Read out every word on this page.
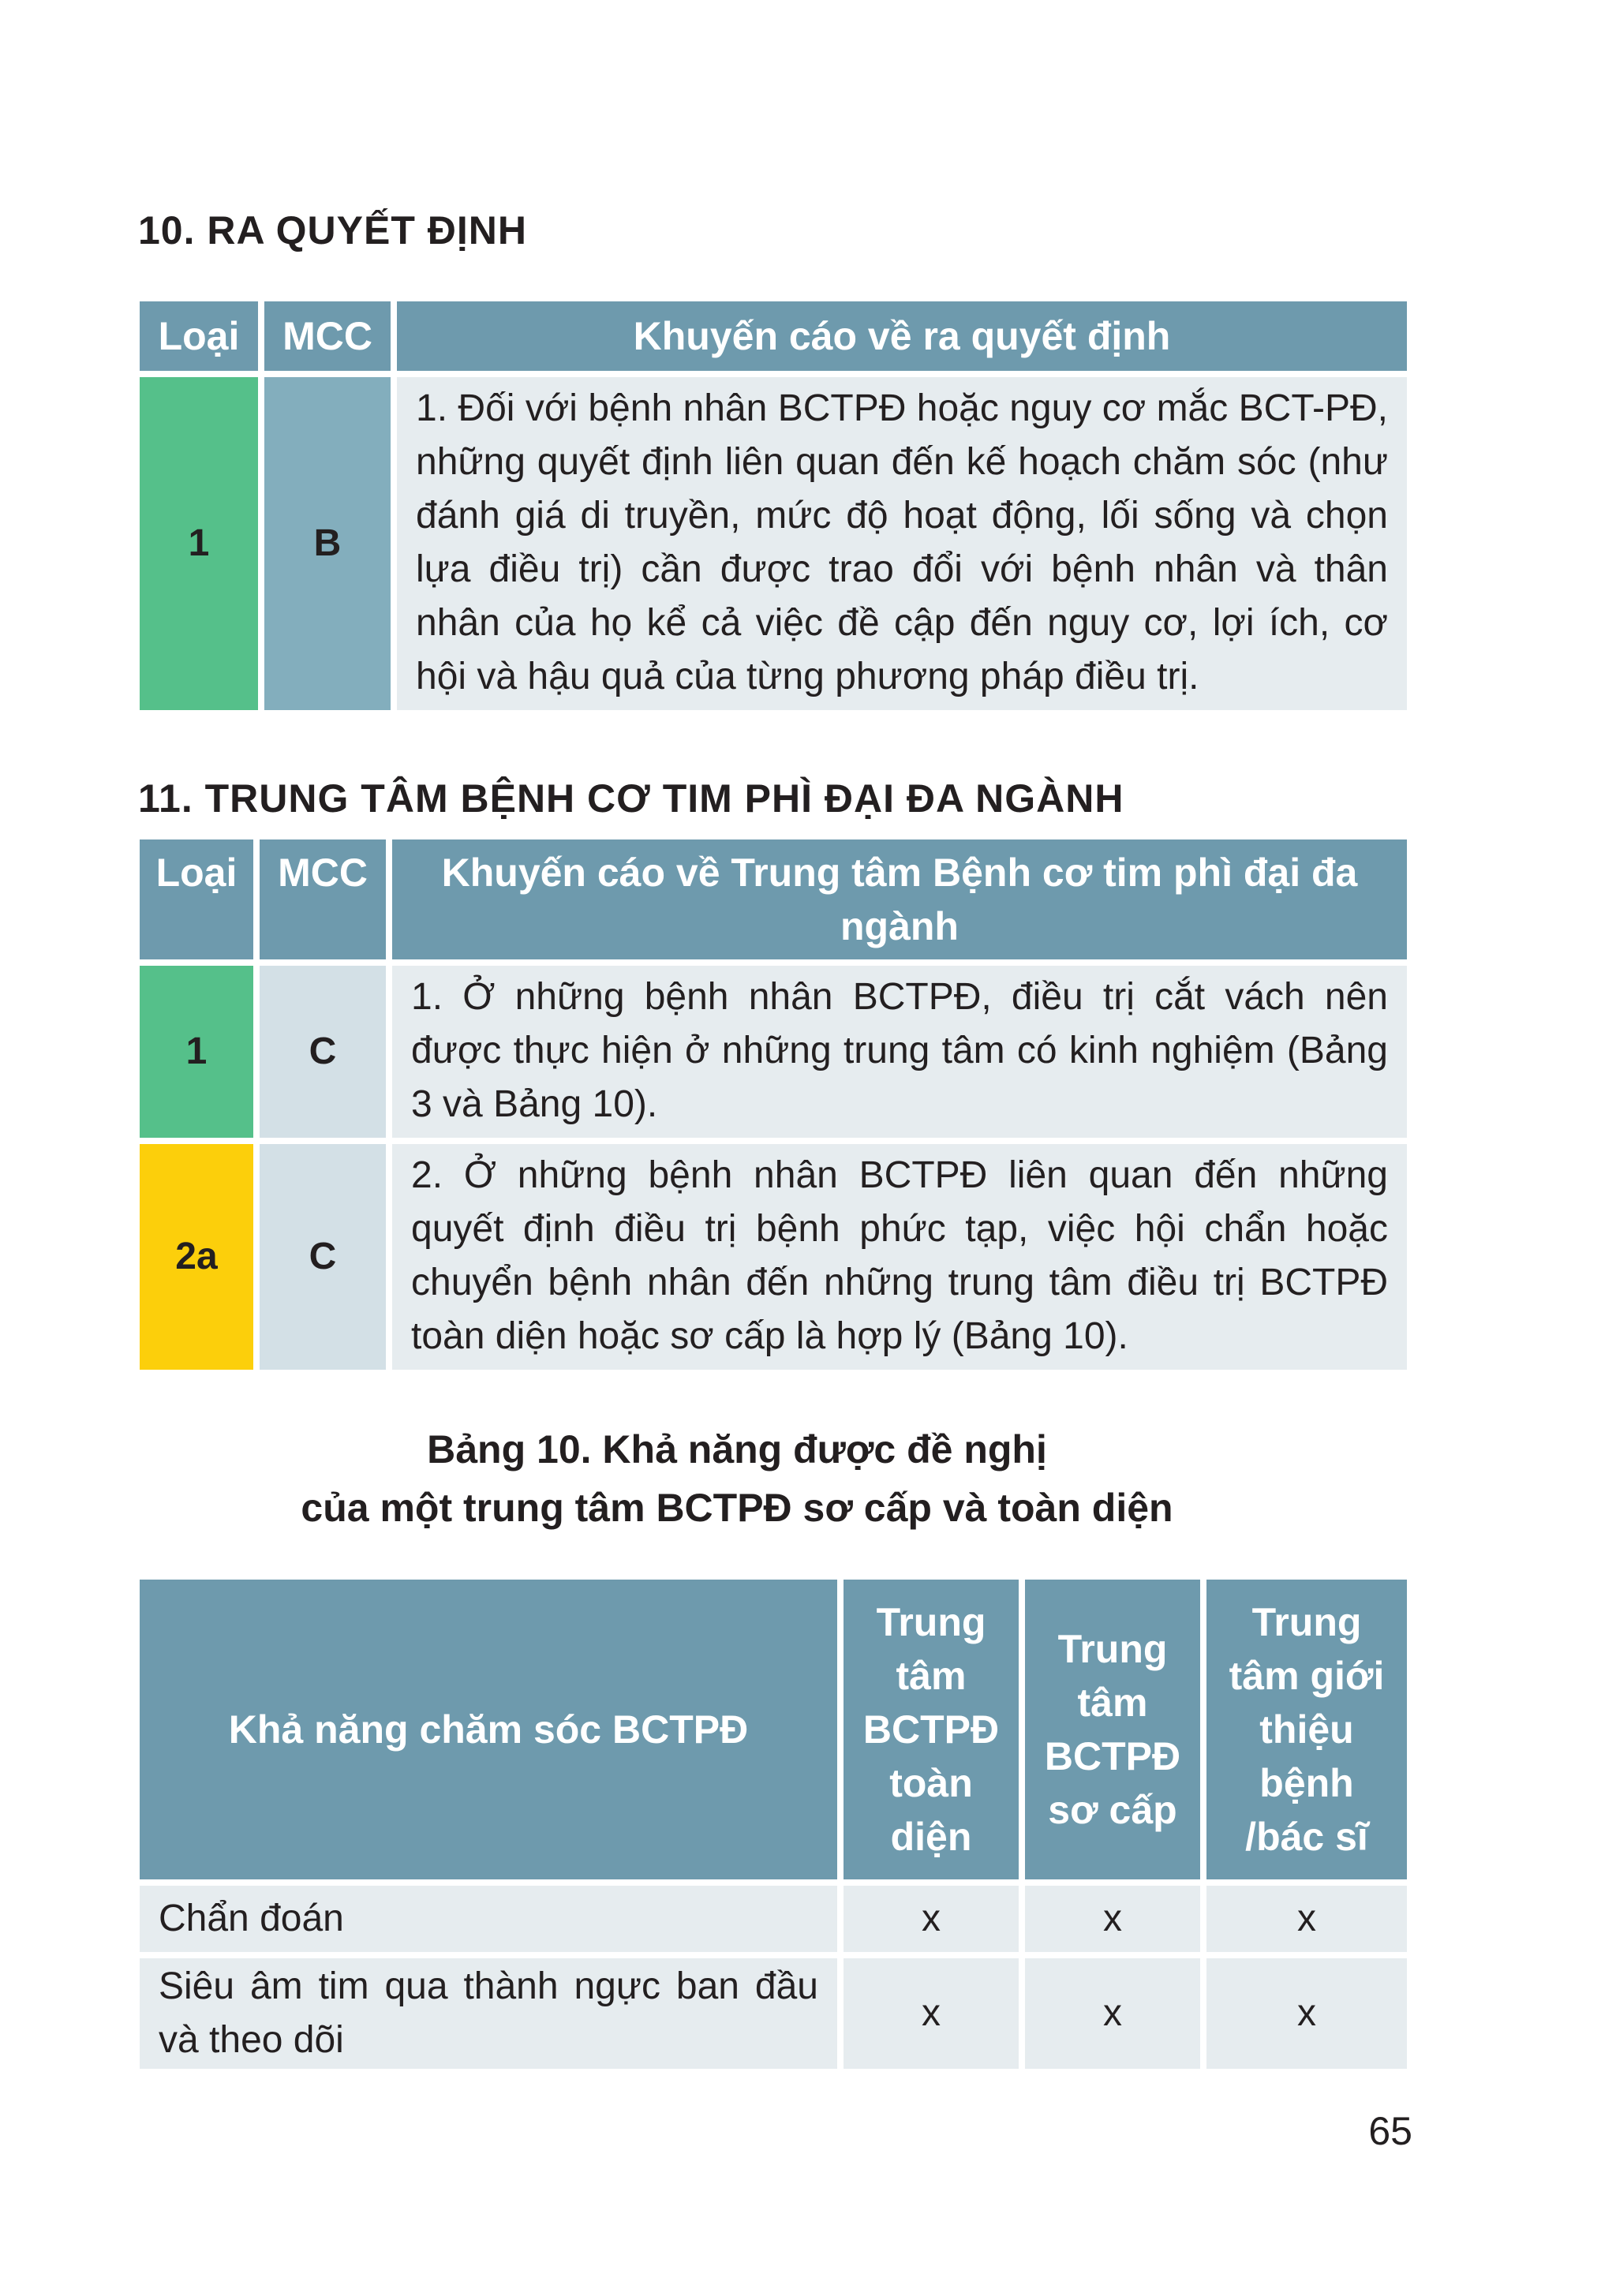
10. RA QUYẾT ĐỊNH
Loại	MCC	Khuyến cáo về ra quyết định
1	B	1. Đối với bệnh nhân BCTPĐ hoặc nguy cơ mắc BCT-PĐ, những quyết định liên quan đến kế hoạch chăm sóc (như đánh giá di truyền, mức độ hoạt động, lối sống và chọn lựa điều trị) cần được trao đổi với bệnh nhân và thân nhân của họ kể cả việc đề cập đến nguy cơ, lợi ích, cơ hội và hậu quả của từng phương pháp điều trị.
11. TRUNG TÂM BỆNH CƠ TIM PHÌ ĐẠI ĐA NGÀNH
Loại	MCC	Khuyến cáo về Trung tâm Bệnh cơ tim phì đại đa ngành
1	C	1. Ở những bệnh nhân BCTPĐ, điều trị cắt vách nên được thực hiện ở những trung tâm có kinh nghiệm (Bảng 3 và Bảng 10).
2a	C	2. Ở những bệnh nhân BCTPĐ liên quan đến những quyết định điều trị bệnh phức tạp, việc hội chẩn hoặc chuyển bệnh nhân đến những trung tâm điều trị BCTPĐ toàn diện hoặc sơ cấp là hợp lý (Bảng 10).
Bảng 10. Khả năng được đề nghị
của một trung tâm BCTPĐ sơ cấp và toàn diện
Khả năng chăm sóc BCTPĐ	Trung tâm BCTPĐ toàn diện	Trung tâm BCTPĐ sơ cấp	Trung tâm giới thiệu bệnh /bác sĩ
Chẩn đoán	x	x	x
Siêu âm tim qua thành ngực ban đầu và theo dõi	x	x	x
65
